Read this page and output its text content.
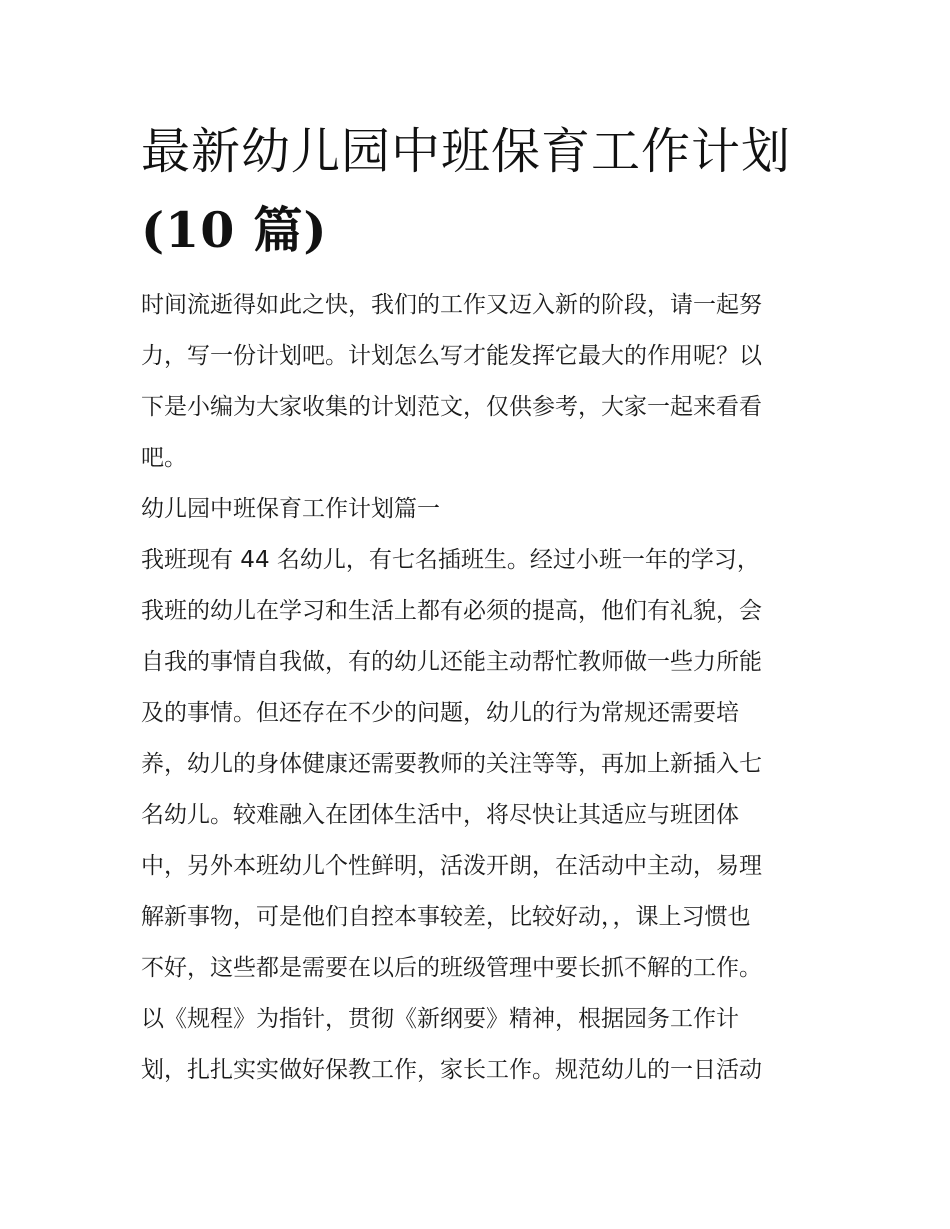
最新幼儿园中班保育工作计划
(10 篇)

时间流逝得如此之快，我们的工作又迈入新的阶段，请一起努
力，写一份计划吧。计划怎么写才能发挥它最大的作用呢？以
下是小编为大家收集的计划范文，仅供参考，大家一起来看看
吧。

幼儿园中班保育工作计划篇一

我班现有 44 名幼儿，有七名插班生。经过小班一年的学习，
我班的幼儿在学习和生活上都有必须的提高，他们有礼貌，会
自我的事情自我做，有的幼儿还能主动帮忙教师做一些力所能
及的事情。但还存在不少的问题，幼儿的行为常规还需要培
养，幼儿的身体健康还需要教师的关注等等，再加上新插入七
名幼儿。较难融入在团体生活中，将尽快让其适应与班团体
中，另外本班幼儿个性鲜明，活泼开朗，在活动中主动，易理
解新事物，可是他们自控本事较差，比较好动，，课上习惯也
不好，这些都是需要在以后的班级管理中要长抓不解的工作。
以《规程》为指针，贯彻《新纲要》精神，根据园务工作计
划，扎扎实实做好保教工作，家长工作。规范幼儿的一日活动
